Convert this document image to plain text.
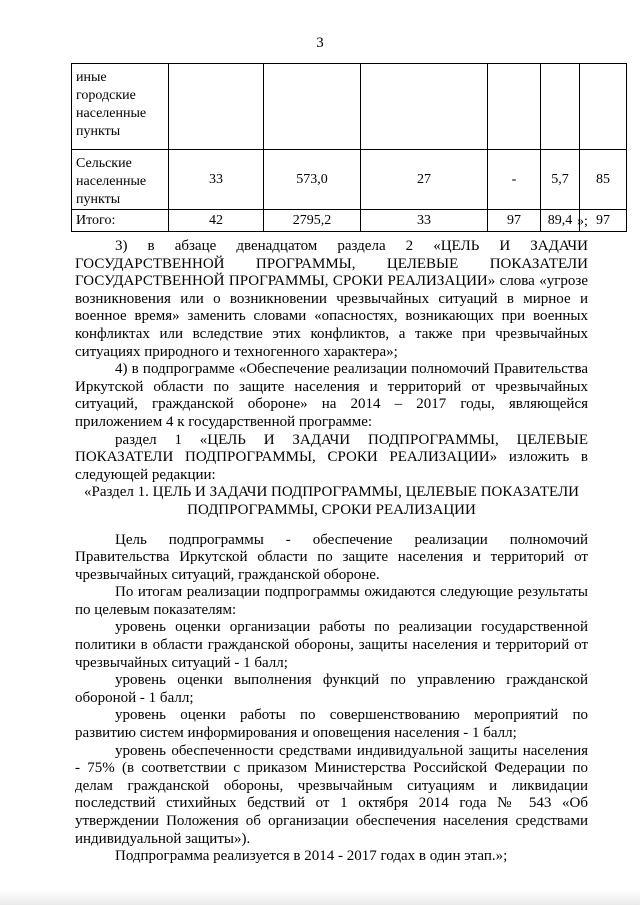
3
иные городские населенные пункты						
Сельские населенные пункты	33	573,0	27	-	5,7	85
Итого:	42	2795,2	33	97	89,4	97
»;

3) в абзаце двенадцатом раздела 2 «ЦЕЛЬ И ЗАДАЧИ ГОСУДАРСТВЕННОЙ ПРОГРАММЫ, ЦЕЛЕВЫЕ ПОКАЗАТЕЛИ ГОСУДАРСТВЕННОЙ ПРОГРАММЫ, СРОКИ РЕАЛИЗАЦИИ» слова «угрозе возникновения или о возникновении чрезвычайных ситуаций в мирное и военное время» заменить словами «опасностях, возникающих при военных конфликтах или вследствие этих конфликтов, а также при чрезвычайных ситуациях природного и техногенного характера»;

4) в подпрограмме «Обеспечение реализации полномочий Правительства Иркутской области по защите населения и территорий от чрезвычайных ситуаций, гражданской обороне» на 2014 – 2017 годы, являющейся приложением 4 к государственной программе:

раздел 1 «ЦЕЛЬ И ЗАДАЧИ ПОДПРОГРАММЫ, ЦЕЛЕВЫЕ ПОКАЗАТЕЛИ ПОДПРОГРАММЫ, СРОКИ РЕАЛИЗАЦИИ» изложить в следующей редакции:

«Раздел 1. ЦЕЛЬ И ЗАДАЧИ ПОДПРОГРАММЫ, ЦЕЛЕВЫЕ ПОКАЗАТЕЛИ ПОДПРОГРАММЫ, СРОКИ РЕАЛИЗАЦИИ

Цель подпрограммы - обеспечение реализации полномочий Правительства Иркутской области по защите населения и территорий от чрезвычайных ситуаций, гражданской обороне.

По итогам реализации подпрограммы ожидаются следующие результаты по целевым показателям:

уровень оценки организации работы по реализации государственной политики в области гражданской обороны, защиты населения и территорий от чрезвычайных ситуаций - 1 балл;

уровень оценки выполнения функций по управлению гражданской обороной - 1 балл;

уровень оценки работы по совершенствованию мероприятий по развитию систем информирования и оповещения населения - 1 балл;

уровень обеспеченности средствами индивидуальной защиты населения - 75% (в соответствии с приказом Министерства Российской Федерации по делам гражданской обороны, чрезвычайным ситуациям и ликвидации последствий стихийных бедствий от 1 октября 2014 года № 543 «Об утверждении Положения об организации обеспечения населения средствами индивидуальной защиты»).

Подпрограмма реализуется в 2014 - 2017 годах в один этап.»;
